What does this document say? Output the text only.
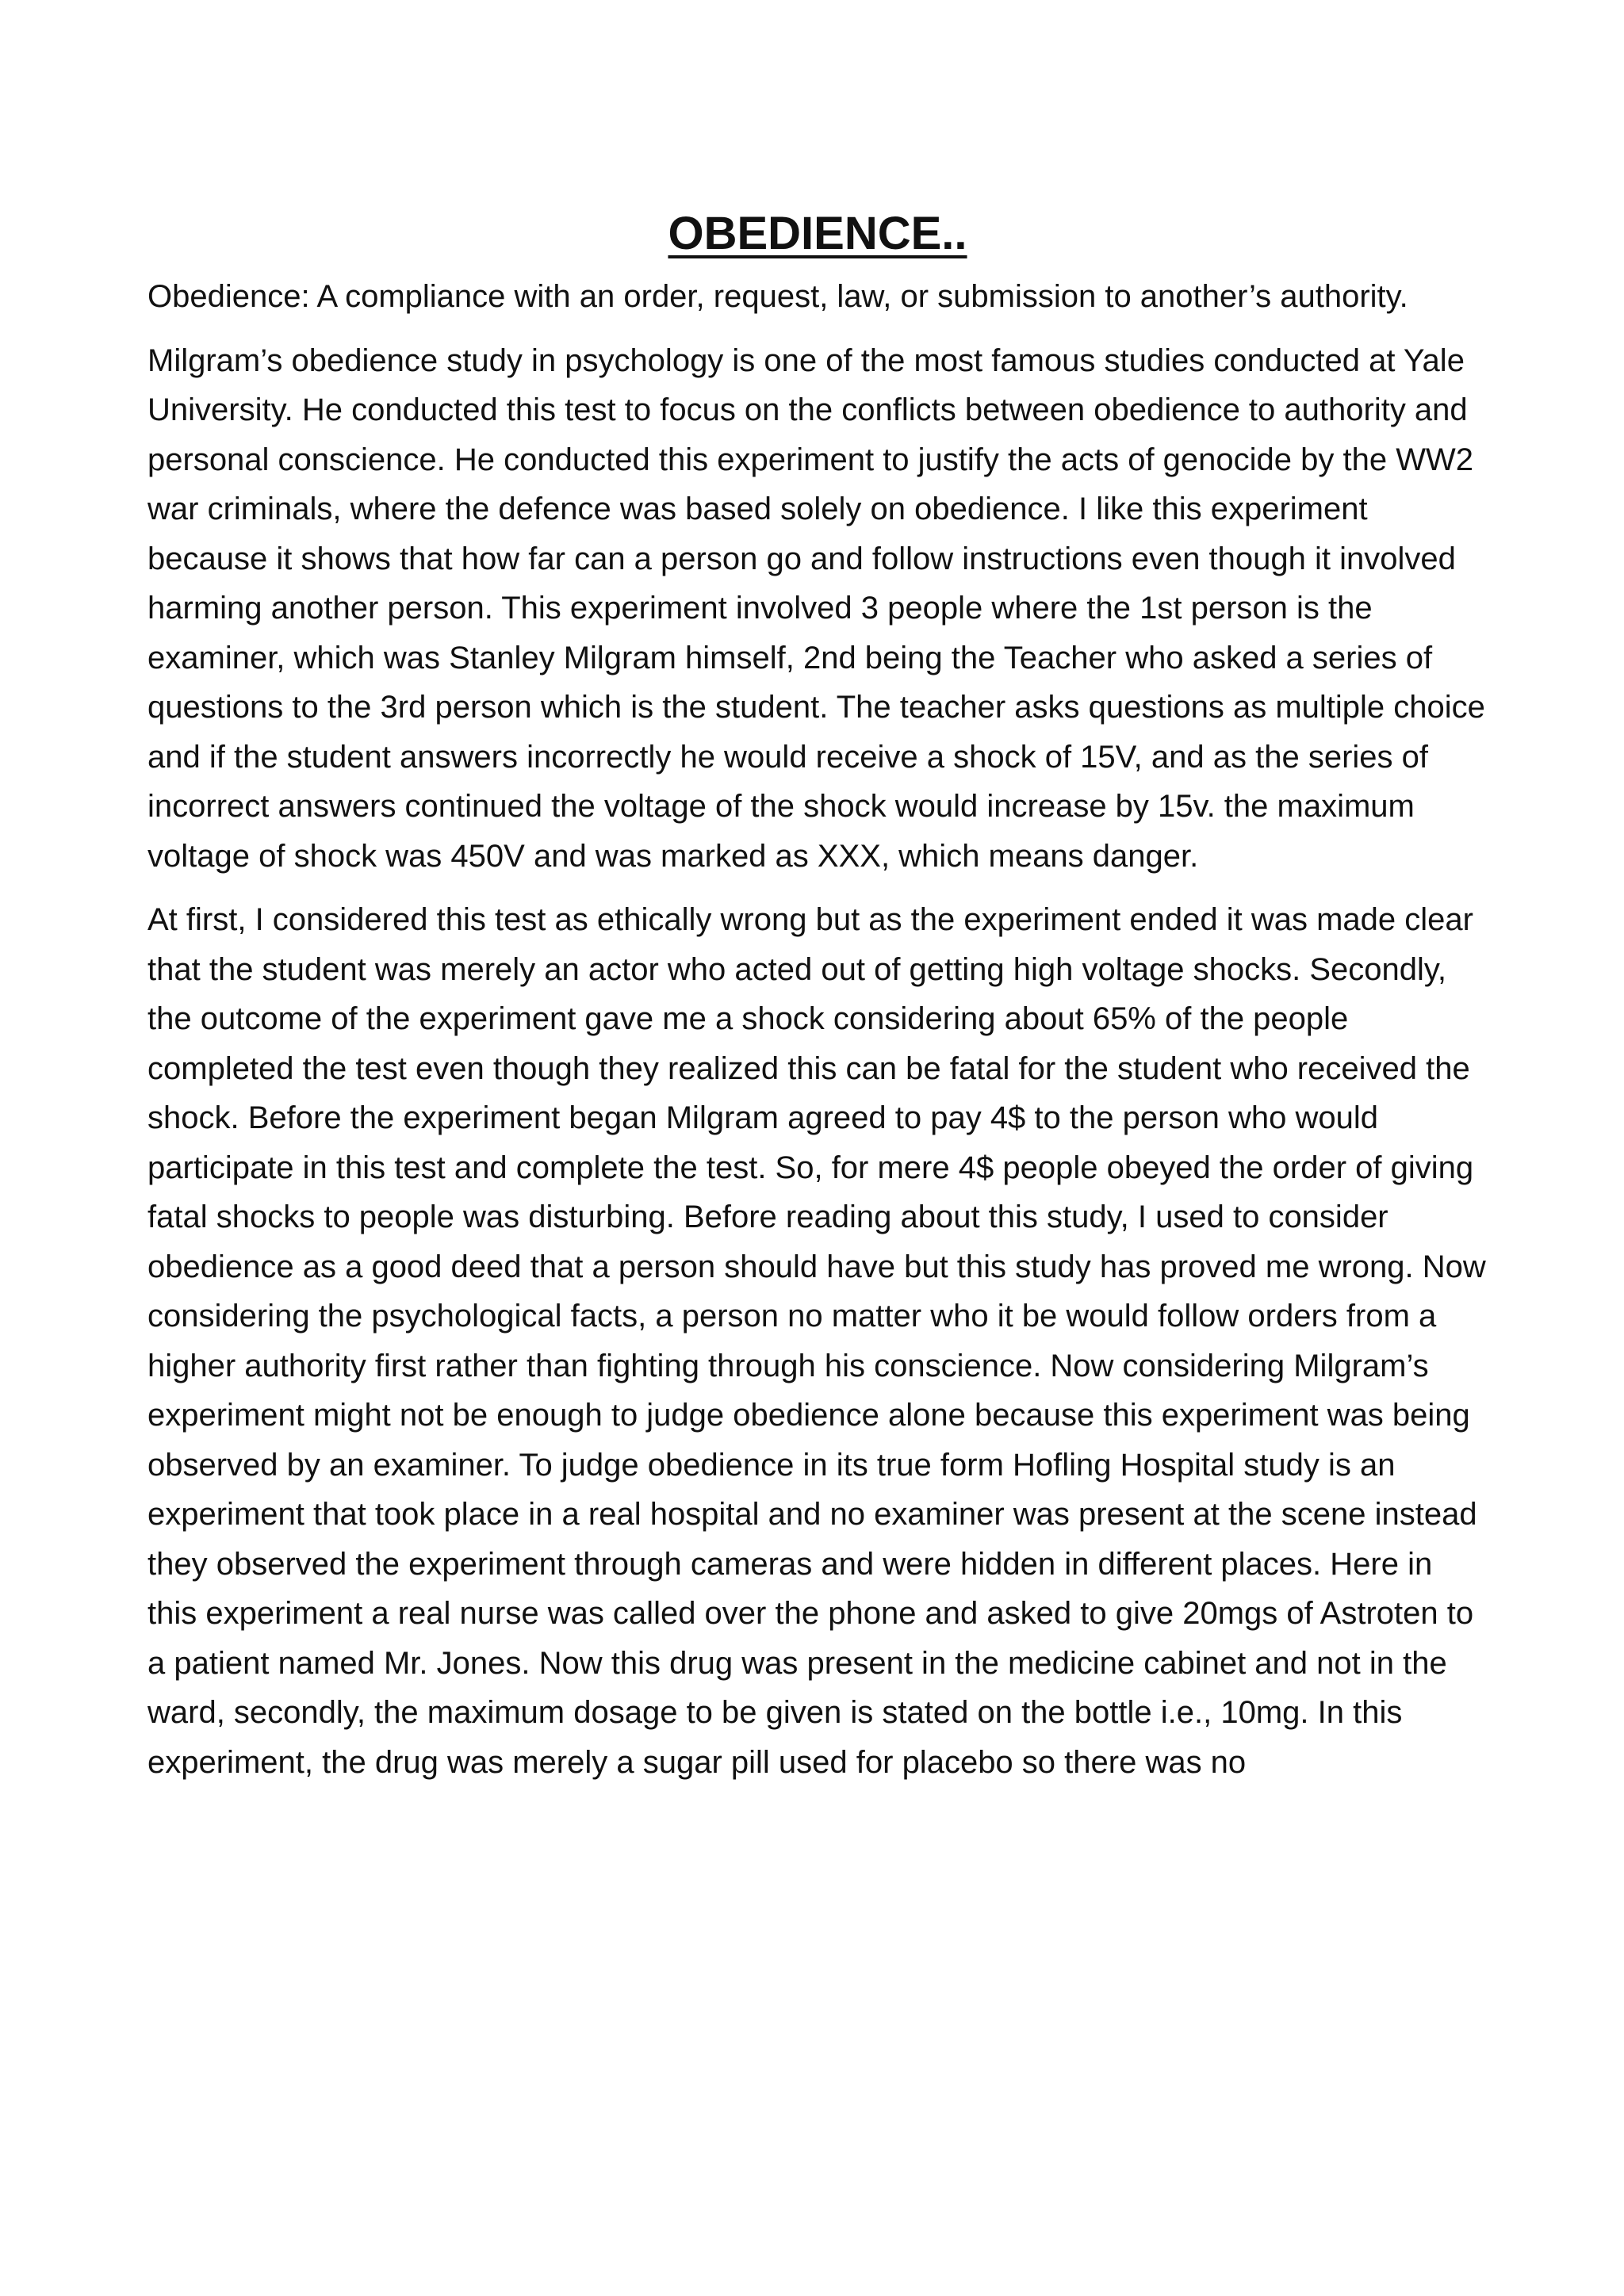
OBEDIENCE..

Obedience: A compliance with an order, request, law, or submission to another’s authority.

Milgram’s obedience study in psychology is one of the most famous studies conducted at Yale University. He conducted this test to focus on the conflicts between obedience to authority and personal conscience. He conducted this experiment to justify the acts of genocide by the WW2 war criminals, where the defence was based solely on obedience. I like this experiment because it shows that how far can a person go and follow instructions even though it involved harming another person. This experiment involved 3 people where the 1st person is the examiner, which was Stanley Milgram himself, 2nd being the Teacher who asked a series of questions to the 3rd person which is the student. The teacher asks questions as multiple choice and if the student answers incorrectly he would receive a shock of 15V, and as the series of incorrect answers continued the voltage of the shock would increase by 15v. the maximum voltage of shock was 450V and was marked as XXX, which means danger.

At first, I considered this test as ethically wrong but as the experiment ended it was made clear that the student was merely an actor who acted out of getting high voltage shocks. Secondly, the outcome of the experiment gave me a shock considering about 65% of the people completed the test even though they realized this can be fatal for the student who received the shock. Before the experiment began Milgram agreed to pay 4$ to the person who would participate in this test and complete the test. So, for mere 4$ people obeyed the order of giving fatal shocks to people was disturbing. Before reading about this study, I used to consider obedience as a good deed that a person should have but this study has proved me wrong. Now considering the psychological facts, a person no matter who it be would follow orders from a higher authority first rather than fighting through his conscience. Now considering Milgram’s experiment might not be enough to judge obedience alone because this experiment was being observed by an examiner. To judge obedience in its true form Hofling Hospital study is an experiment that took place in a real hospital and no examiner was present at the scene instead they observed the experiment through cameras and were hidden in different places. Here in this experiment a real nurse was called over the phone and asked to give 20mgs of Astroten to a patient named Mr. Jones. Now this drug was present in the medicine cabinet and not in the ward, secondly, the maximum dosage to be given is stated on the bottle i.e., 10mg. In this experiment, the drug was merely a sugar pill used for placebo so there was no
